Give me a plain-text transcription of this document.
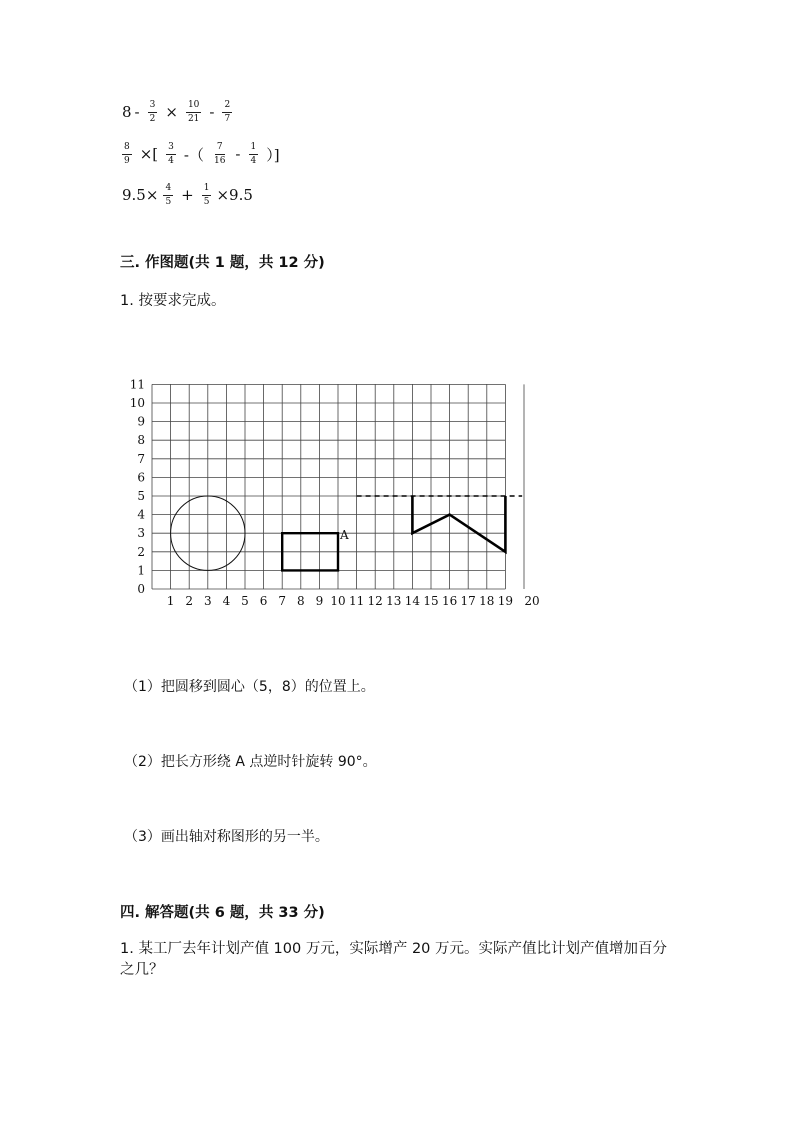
$8 - \frac{3}{2} \times \frac{10}{21} - \frac{2}{7}$
$\frac{8}{9}$ ×[ $\frac{3}{4}$ -（ $\frac{7}{16} - \frac{1}{4}$ ）]
$9.5\times \frac{4}{5} + \frac{1}{5} \times 9.5$
三. 作图题(共 1 题，共 12 分)
1. 按要求完成。
1 2 3 4 5 6 7 8 9 10 11 12 13 14 15 16 17 18 19 20
0
1
2
3
4
5
6
7
8
9
10
11
A
（1）把圆移到圆心（5，8）的位置上。
（2）把长方形绕 A 点逆时针旋转 90°。
（3）画出轴对称图形的另一半。
四. 解答题(共 6 题，共 33 分)
1. 某工厂去年计划产值 100 万元，实际增产 20 万元。实际产值比计划产值增加百分之几？
